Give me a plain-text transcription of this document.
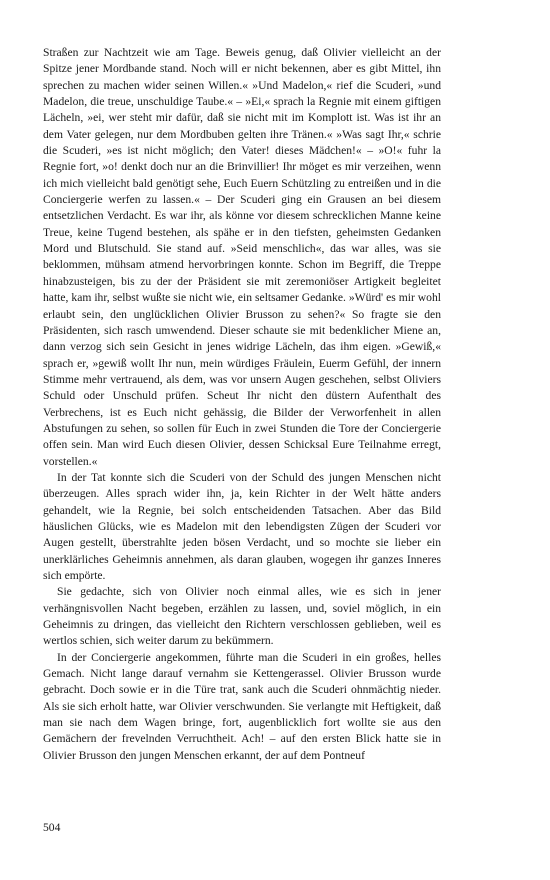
Straßen zur Nachtzeit wie am Tage. Beweis genug, daß Olivier vielleicht an der Spitze jener Mordbande stand. Noch will er nicht bekennen, aber es gibt Mittel, ihn sprechen zu machen wider seinen Willen.« »Und Madelon,« rief die Scuderi, »und Madelon, die treue, unschuldige Taube.« – »Ei,« sprach la Regnie mit einem giftigen Lächeln, »ei, wer steht mir dafür, daß sie nicht mit im Komplott ist. Was ist ihr an dem Vater gelegen, nur dem Mordbuben gelten ihre Tränen.« »Was sagt Ihr,« schrie die Scuderi, »es ist nicht möglich; den Vater! dieses Mädchen!« – »O!« fuhr la Regnie fort, »o! denkt doch nur an die Brinvillier! Ihr möget es mir verzeihen, wenn ich mich vielleicht bald genötigt sehe, Euch Euern Schützling zu entreißen und in die Conciergerie werfen zu lassen.« – Der Scuderi ging ein Grausen an bei diesem entsetzlichen Verdacht. Es war ihr, als könne vor diesem schrecklichen Manne keine Treue, keine Tugend bestehen, als spähe er in den tiefsten, geheimsten Gedanken Mord und Blutschuld. Sie stand auf. »Seid menschlich«, das war alles, was sie beklommen, mühsam atmend hervorbringen konnte. Schon im Begriff, die Treppe hinabzusteigen, bis zu der der Präsident sie mit zeremoniöser Artigkeit begleitet hatte, kam ihr, selbst wußte sie nicht wie, ein seltsamer Gedanke. »Würd' es mir wohl erlaubt sein, den unglücklichen Olivier Brusson zu sehen?« So fragte sie den Präsidenten, sich rasch umwendend. Dieser schaute sie mit bedenklicher Miene an, dann verzog sich sein Gesicht in jenes widrige Lächeln, das ihm eigen. »Gewiß,« sprach er, »gewiß wollt Ihr nun, mein würdiges Fräulein, Euerm Gefühl, der innern Stimme mehr vertrauend, als dem, was vor unsern Augen geschehen, selbst Oliviers Schuld oder Unschuld prüfen. Scheut Ihr nicht den düstern Aufenthalt des Verbrechens, ist es Euch nicht gehässig, die Bilder der Verworfenheit in allen Abstufungen zu sehen, so sollen für Euch in zwei Stunden die Tore der Conciergerie offen sein. Man wird Euch diesen Olivier, dessen Schicksal Eure Teilnahme erregt, vorstellen.«

In der Tat konnte sich die Scuderi von der Schuld des jungen Menschen nicht überzeugen. Alles sprach wider ihn, ja, kein Richter in der Welt hätte anders gehandelt, wie la Regnie, bei solch entscheidenden Tatsachen. Aber das Bild häuslichen Glücks, wie es Madelon mit den lebendigsten Zügen der Scuderi vor Augen gestellt, überstrahlte jeden bösen Verdacht, und so mochte sie lieber ein unerklärliches Geheimnis annehmen, als daran glauben, wogegen ihr ganzes Inneres sich empörte.

Sie gedachte, sich von Olivier noch einmal alles, wie es sich in jener verhängnisvollen Nacht begeben, erzählen zu lassen, und, soviel möglich, in ein Geheimnis zu dringen, das vielleicht den Richtern verschlossen geblieben, weil es wertlos schien, sich weiter darum zu bekümmern.

In der Conciergerie angekommen, führte man die Scuderi in ein großes, helles Gemach. Nicht lange darauf vernahm sie Kettengerassel. Olivier Brusson wurde gebracht. Doch sowie er in die Türe trat, sank auch die Scuderi ohnmächtig nieder. Als sie sich erholt hatte, war Olivier verschwunden. Sie verlangte mit Heftigkeit, daß man sie nach dem Wagen bringe, fort, augenblicklich fort wollte sie aus den Gemächern der frevelnden Verruchtheit. Ach! – auf den ersten Blick hatte sie in Olivier Brusson den jungen Menschen erkannt, der auf dem Pontneuf

504
